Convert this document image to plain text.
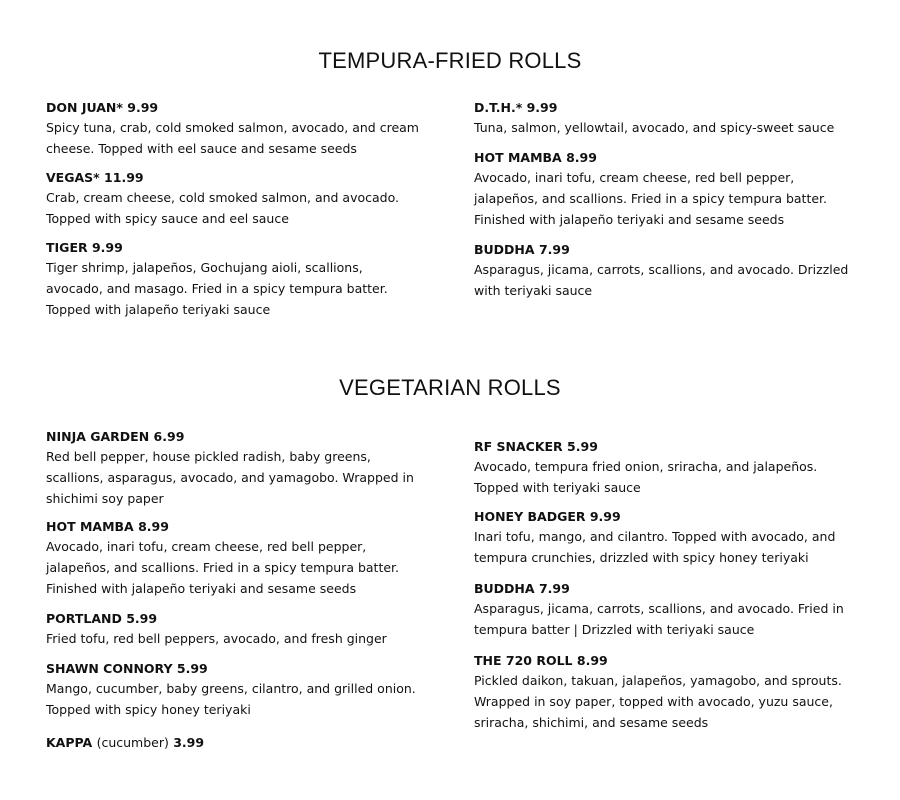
TEMPURA-FRIED ROLLS
DON JUAN* 9.99
Spicy tuna, crab, cold smoked salmon, avocado, and cream
cheese. Topped with eel sauce and sesame seeds
VEGAS* 11.99
Crab, cream cheese, cold smoked salmon, and avocado.
Topped with spicy sauce and eel sauce
TIGER 9.99
Tiger shrimp, jalapeños, Gochujang aioli, scallions,
avocado, and masago. Fried in a spicy tempura batter.
Topped with jalapeño teriyaki sauce
D.T.H.* 9.99
Tuna, salmon, yellowtail, avocado, and spicy-sweet sauce
HOT MAMBA 8.99
Avocado, inari tofu, cream cheese, red bell pepper,
jalapeños, and scallions. Fried in a spicy tempura batter.
Finished with jalapeño teriyaki and sesame seeds
BUDDHA 7.99
Asparagus, jicama, carrots, scallions, and avocado. Drizzled
with teriyaki sauce
VEGETARIAN ROLLS
NINJA GARDEN 6.99
Red bell pepper, house pickled radish, baby greens,
scallions, asparagus, avocado, and yamagobo. Wrapped in
shichimi soy paper
HOT MAMBA 8.99
Avocado, inari tofu, cream cheese, red bell pepper,
jalapeños, and scallions. Fried in a spicy tempura batter.
Finished with jalapeño teriyaki and sesame seeds
PORTLAND 5.99
Fried tofu, red bell peppers, avocado, and fresh ginger
SHAWN CONNORY 5.99
Mango, cucumber, baby greens, cilantro, and grilled onion.
Topped with spicy honey teriyaki
KAPPA (cucumber) 3.99
RF SNACKER 5.99
Avocado, tempura fried onion, sriracha, and jalapeños.
Topped with teriyaki sauce
HONEY BADGER 9.99
Inari tofu, mango, and cilantro. Topped with avocado, and
tempura crunchies, drizzled with spicy honey teriyaki
BUDDHA 7.99
Asparagus, jicama, carrots, scallions, and avocado. Fried in
tempura batter | Drizzled with teriyaki sauce
THE 720 ROLL 8.99
Pickled daikon, takuan, jalapeños, yamagobo, and sprouts.
Wrapped in soy paper, topped with avocado, yuzu sauce,
sriracha, shichimi, and sesame seeds
